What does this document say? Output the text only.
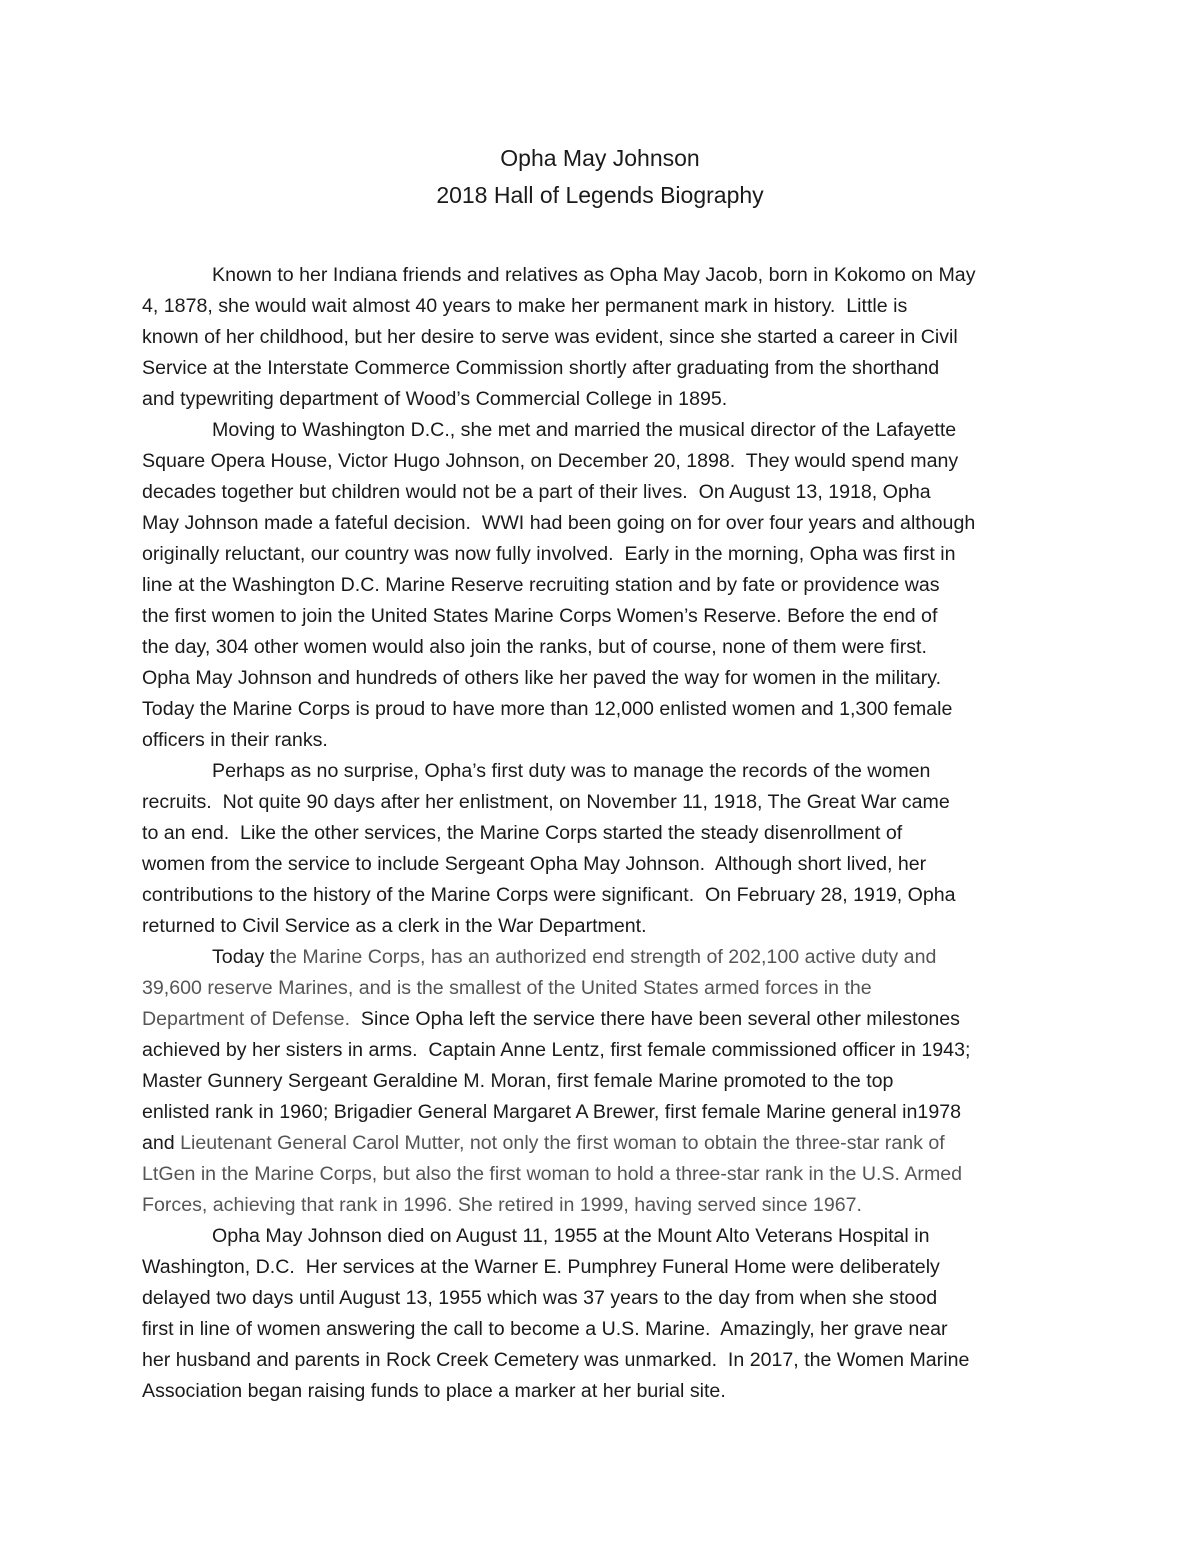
Opha May Johnson
2018 Hall of Legends Biography
Known to her Indiana friends and relatives as Opha May Jacob, born in Kokomo on May
4, 1878, she would wait almost 40 years to make her permanent mark in history.  Little is
known of her childhood, but her desire to serve was evident, since she started a career in Civil
Service at the Interstate Commerce Commission shortly after graduating from the shorthand
and typewriting department of Wood’s Commercial College in 1895.
Moving to Washington D.C., she met and married the musical director of the Lafayette
Square Opera House, Victor Hugo Johnson, on December 20, 1898.  They would spend many
decades together but children would not be a part of their lives.  On August 13, 1918, Opha
May Johnson made a fateful decision.  WWI had been going on for over four years and although
originally reluctant, our country was now fully involved.  Early in the morning, Opha was first in
line at the Washington D.C. Marine Reserve recruiting station and by fate or providence was
the first women to join the United States Marine Corps Women’s Reserve. Before the end of
the day, 304 other women would also join the ranks, but of course, none of them were first.
Opha May Johnson and hundreds of others like her paved the way for women in the military.
Today the Marine Corps is proud to have more than 12,000 enlisted women and 1,300 female
officers in their ranks.
Perhaps as no surprise, Opha’s first duty was to manage the records of the women
recruits.  Not quite 90 days after her enlistment, on November 11, 1918, The Great War came
to an end.  Like the other services, the Marine Corps started the steady disenrollment of
women from the service to include Sergeant Opha May Johnson.  Although short lived, her
contributions to the history of the Marine Corps were significant.  On February 28, 1919, Opha
returned to Civil Service as a clerk in the War Department.
Today the Marine Corps, has an authorized end strength of 202,100 active duty and
39,600 reserve Marines, and is the smallest of the United States armed forces in the
Department of Defense.  Since Opha left the service there have been several other milestones
achieved by her sisters in arms.  Captain Anne Lentz, first female commissioned officer in 1943;
Master Gunnery Sergeant Geraldine M. Moran, first female Marine promoted to the top
enlisted rank in 1960; Brigadier General Margaret A Brewer, first female Marine general in1978
and Lieutenant General Carol Mutter, not only the first woman to obtain the three-star rank of
LtGen in the Marine Corps, but also the first woman to hold a three-star rank in the U.S. Armed
Forces, achieving that rank in 1996. She retired in 1999, having served since 1967.
Opha May Johnson died on August 11, 1955 at the Mount Alto Veterans Hospital in
Washington, D.C.  Her services at the Warner E. Pumphrey Funeral Home were deliberately
delayed two days until August 13, 1955 which was 37 years to the day from when she stood
first in line of women answering the call to become a U.S. Marine.  Amazingly, her grave near
her husband and parents in Rock Creek Cemetery was unmarked.  In 2017, the Women Marine
Association began raising funds to place a marker at her burial site.
